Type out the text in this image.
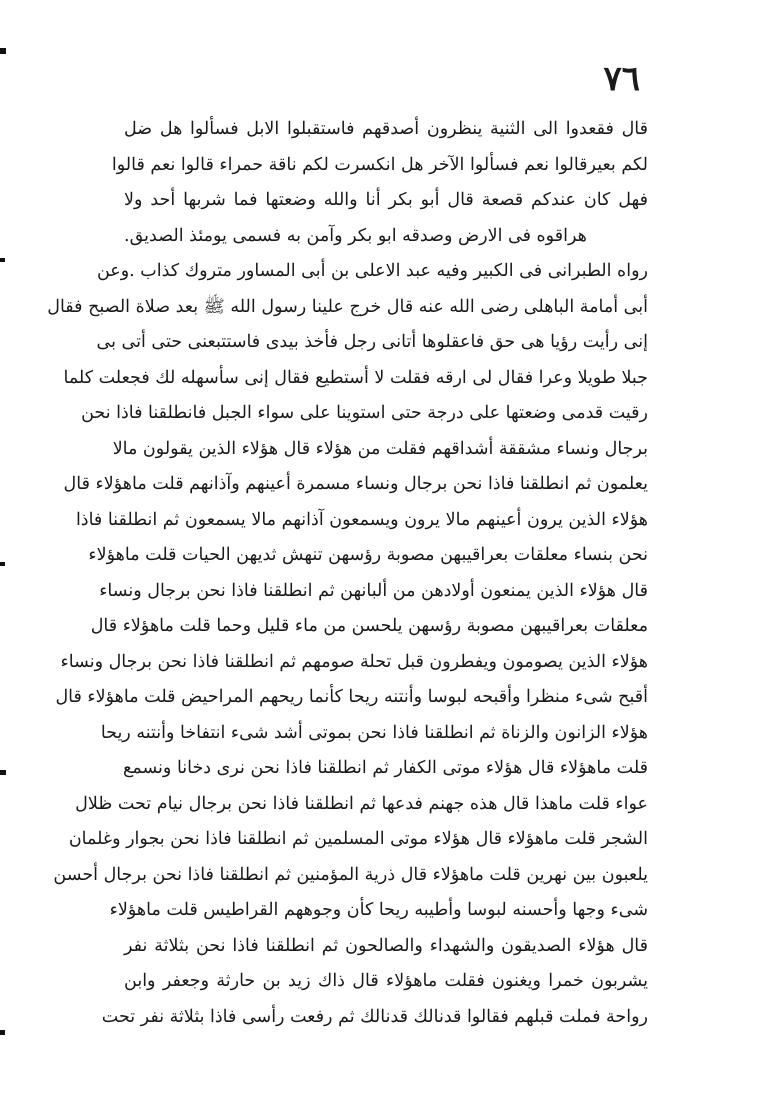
٧٦
قال فقعدوا الى الثنية ينظرون أصدقهم فاستقبلوا الابل فسألوا هل ضل
لكم بعيرقالوا نعم فسألوا الآخر هل انكسرت لكم ناقة حمراء قالوا نعم قالوا
فهل كان عندكم قصعة قال أبو بكر أنا والله وضعتها فما شربها أحد ولا
هراقوه فى الارض وصدقه ابو بكر وآمن به فسمى يومئذ الصديق.
رواه الطبرانى فى الكبير وفيه عبد الاعلى بن أبى المساور متروك كذاب .وعن
أبى أمامة الباهلى رضى الله عنه قال خرج علينا رسول الله ﷺ بعد صلاة الصبح فقال
إنى رأيت رؤيا هى حق فاعقلوها أتانى رجل فأخذ بيدى فاستتبعنى حتى أتى بى
جبلا طويلا وعرا فقال لى ارقه فقلت لا أستطيع فقال إنى سأسهله لك فجعلت كلما
رقيت قدمى وضعتها على درجة حتى استوينا على سواء الجبل فانطلقنا فاذا نحن
برجال ونساء مشققة أشداقهم فقلت من هؤلاء قال هؤلاء الذين يقولون مالا
يعلمون ثم انطلقنا فاذا نحن برجال ونساء مسمرة أعينهم وآذانهم قلت ماهؤلاء قال
هؤلاء الذين يرون أعينهم مالا يرون ويسمعون آذانهم مالا يسمعون ثم انطلقنا فاذا
نحن بنساء معلقات بعراقيبهن مصوبة رؤسهن تنهش ثديهن الحيات قلت ماهؤلاء
قال هؤلاء الذين يمنعون أولادهن من ألبانهن ثم انطلقنا فاذا نحن برجال ونساء
معلقات بعراقيبهن مصوبة رؤسهن يلحسن من ماء قليل وحما قلت ماهؤلاء قال
هؤلاء الذين يصومون ويفطرون قبل تحلة صومهم ثم انطلقنا فاذا نحن برجال ونساء
أقبح شىء منظرا وأقبحه لبوسا وأنتنه ريحا كأنما ريحهم المراحيض قلت ماهؤلاء قال
هؤلاء الزانون والزناة ثم انطلقنا فاذا نحن بموتى أشد شىء انتفاخا وأنتنه ريحا
قلت ماهؤلاء قال هؤلاء موتى الكفار ثم انطلقنا فاذا نحن نرى دخانا ونسمع
عواء قلت ماهذا قال هذه جهنم فدعها ثم انطلقنا فاذا نحن برجال نيام تحت ظلال
الشجر قلت ماهؤلاء قال هؤلاء موتى المسلمين ثم انطلقنا فاذا نحن بجوار وغلمان
يلعبون بين نهرين قلت ماهؤلاء قال ذرية المؤمنين ثم انطلقنا فاذا نحن برجال أحسن
شىء وجها وأحسنه لبوسا وأطيبه ريحا كأن وجوههم القراطيس قلت ماهؤلاء
قال هؤلاء الصديقون والشهداء والصالحون ثم انطلقنا فاذا نحن بثلاثة نفر
يشربون خمرا ويغنون فقلت ماهؤلاء قال ذاك زيد بن حارثة وجعفر وابن
رواحة فملت قبلهم فقالوا قدنالك قدنالك ثم رفعت رأسى فاذا بثلاثة نفر تحت
